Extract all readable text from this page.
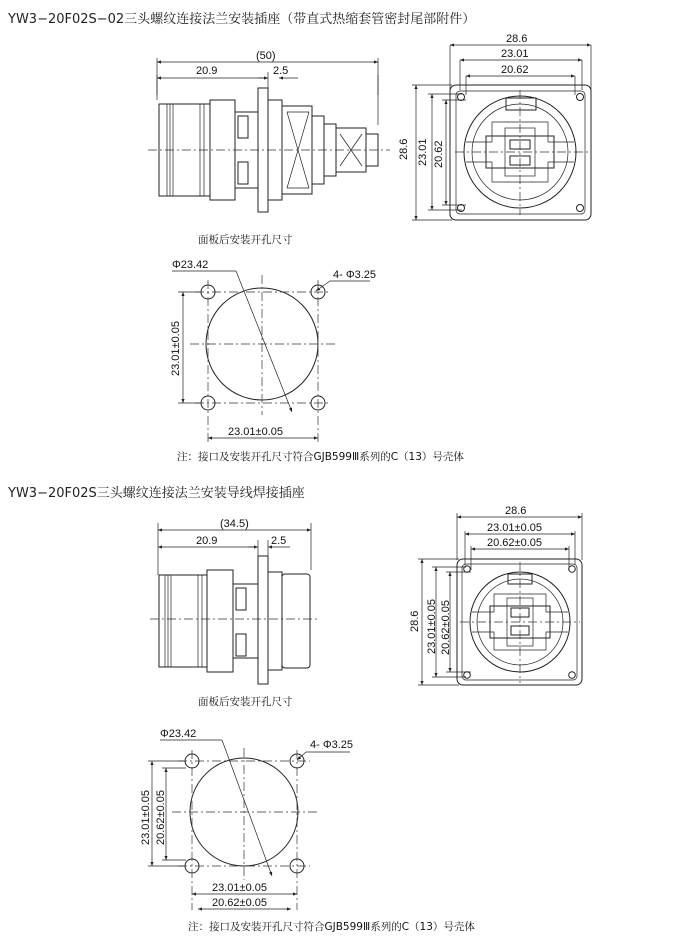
YW3−20F02S−02三头螺纹连接法兰安装插座（带直式热缩套管密封尾部附件）
(50)
20.9	2.5
28.6
23.01
20.62
28.6 23.01 20.62
面板后安装开孔尺寸
Φ23.42
4- Φ3.25
23.01±0.05
23.01±0.05
注：接口及安装开孔尺寸符合GJB599Ⅲ系列的C（13）号壳体
YW3−20F02S三头螺纹连接法兰安装导线焊接插座
(34.5)
20.9	2.5
28.6
23.01±0.05
20.62±0.05
28.6 23.01±0.05 20.62±0.05
面板后安装开孔尺寸
Φ23.42
4- Φ3.25
23.01±0.05 20.62±0.05
23.01±0.05
20.62±0.05
注：接口及安装开孔尺寸符合GJB599Ⅲ系列的C（13）号壳体
